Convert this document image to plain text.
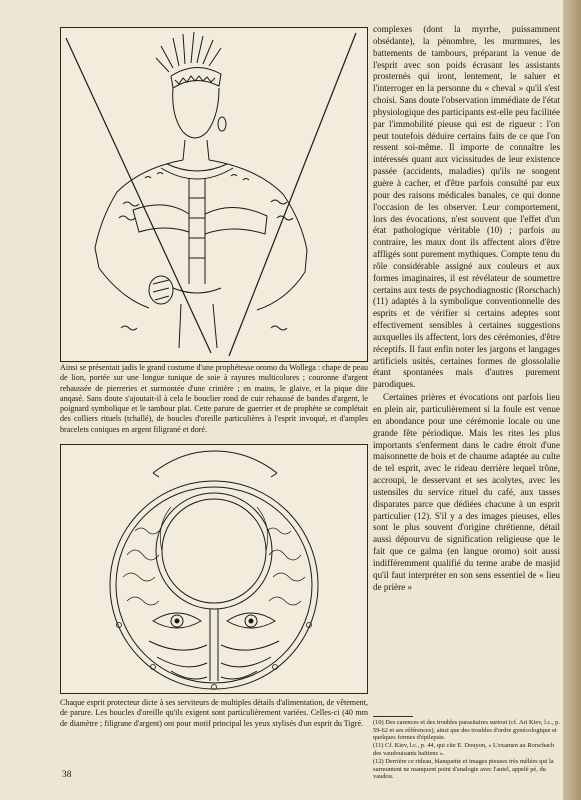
Ainsi se présentait jadis le grand costume d'une prophétesse oromo du Wollega : chape de peau de lion, portée sur une longue tunique de soie à rayures multicolores ; couronne d'argent rehaussée de pierreries et surmontée d'une crinière ; en mains, le glaive, et la pique dite anqasé. Sans doute s'ajoutait-il à cela le bouclier rond de cuir rehaussé de bandes d'argent, le poignard symbolique et le tambour plat. Cette parure de guerrier et de prophète se complétait des colliers rituels (tchallé), de boucles d'oreille particulières à l'esprit invoqué, et d'amples bracelets coniques en argent filigrané et doré.
Chaque esprit protecteur dicte à ses serviteurs de multiples détails d'alimentation, de vêtement, de parure. Les boucles d'oreille qu'ils exigent sont particulièrement variées. Celles-ci (40 mm de diamètre ; filigrane d'argent) ont pour motif principal les yeux stylisés d'un esprit du Tigré.

complexes (dont la myrrhe, puissamment obsédante), la pénombre, les murmures, les battements de tambours, préparant la venue de l'esprit avec son poids écrasant les assistants prosternés qui iront, lentement, le saluer et l'interroger en la personne du « cheval » qu'il s'est choisi. Sans doute l'observation immédiate de l'état physiologique des participants est-elle peu facilitée par l'immobilité pieuse qui est de rigueur : l'on peut toutefois déduire certains faits de ce que l'on ressent soi-même. Il importe de connaître les intéressés quant aux vicissitudes de leur existence passée (accidents, maladies) qu'ils ne songent guère à cacher, et d'être parfois consulté par eux pour des raisons médicales banales, ce qui donne l'occasion de les observer. Leur comportement, lors des évocations, n'est souvent que l'effet d'un état pathologique véritable (10) ; parfois au contraire, les maux dont ils affectent alors d'être affligés sont purement mythiques. Compte tenu du rôle considérable assigné aux couleurs et aux formes imaginaires, il est révélateur de soumettre certains aux tests de psychodiagnostic (Rorschach) (11) adaptés à la symbolique conventionnelle des esprits et de vérifier si certains adeptes sont effectivement sensibles à certaines suggestions auxquelles ils affectent, lors des cérémonies, d'être réceptifs. Il faut enfin noter les jargons et langages artificiels usités, certaines formes de glossolalie étant spontanées mais d'autres purement parodiques.

Certaines prières et évocations ont parfois lieu en plein air, particulièrement si la foule est venue en abondance pour une cérémonie locale ou une grande fête périodique. Mais les rites les plus importants s'enferment dans le cadre étroit d'une maisonnette de bois et de chaume adaptée au culte de tel esprit, avec le rideau derrière lequel trône, accroupi, le desservant et ses acolytes, avec les ustensiles du service rituel du café, aux tasses disparates parce que dédiées chacune à un esprit particulier (12). S'il y a des images pieuses, elles sont le plus souvent d'origine chrétienne, détail aussi dépourvu de signification religieuse que le fait que ce galma (en langue oromo) soit aussi indifféremment qualifié du terme arabe de masjid qu'il faut interpréter en son sens essentiel de « lieu de prière »

(10) Des carences et des troubles parasitaires surtout (cf. Ari Kiev, l.c., p. 59-62 et ses références), ainsi que des troubles d'ordre gynécologique et quelques formes d'épilepsie.
(11) Cf. Kiev, l.c., p. 44, qui cite E. Douyon, « L'examen au Rorschach des vaudouisants haïtiens ».
(12) Derrière ce rideau, blanquette et images pieuses très mêlées qui la surmontent ne manquent point d'analogie avec l'autel, appelé pé, du vaudou.
38
